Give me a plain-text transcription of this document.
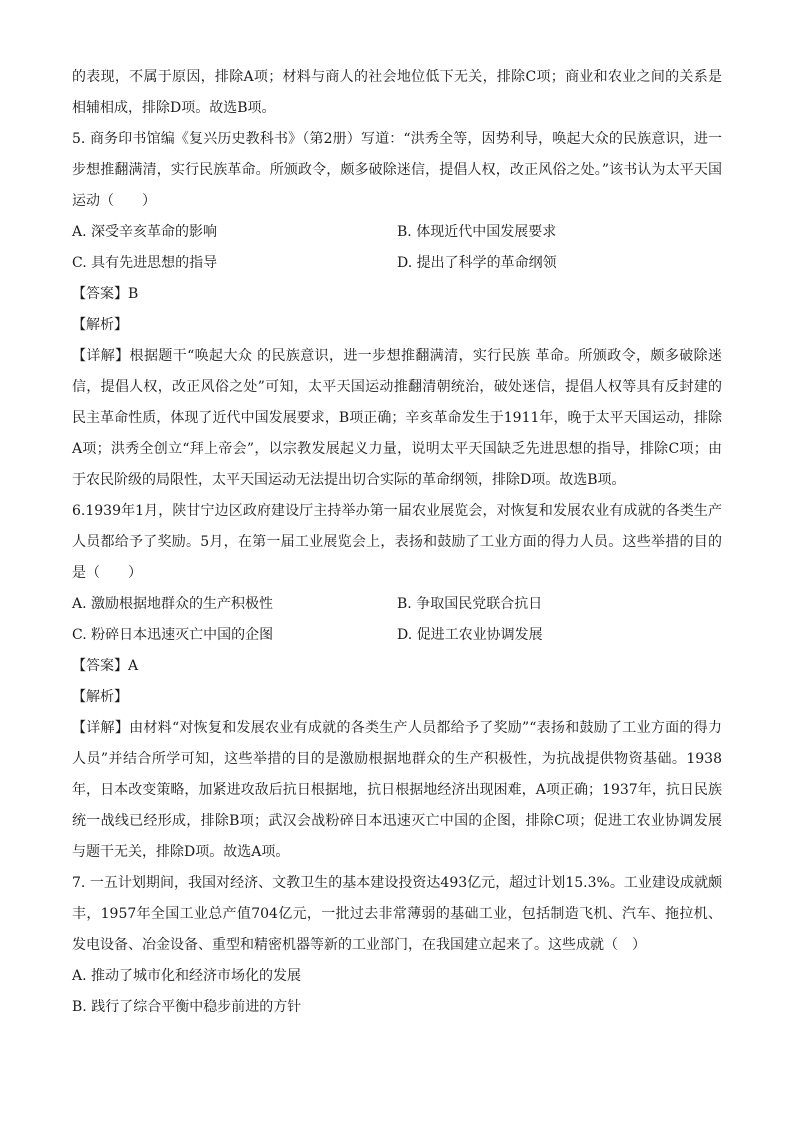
的表现，不属于原因，排除A项；材料与商人的社会地位低下无关，排除C项；商业和农业之间的关系是相辅相成，排除D项。故选B项。

5. 商务印书馆编《复兴历史教科书》（第2册）写道：“洪秀全等，因势利导，唤起大众的民族意识，进一步想推翻满清，实行民族革命。所颁政令，颇多破除迷信，提倡人权，改正风俗之处。”该书认为太平天国运动（　　）

A. 深受辛亥革命的影响	B. 体现近代中国发展要求
C. 具有先进思想的指导	D. 提出了科学的革命纲领

【答案】B

【解析】

【详解】根据题干“唤起大众 的民族意识，进一步想推翻满清，实行民族 革命。所颁政令，颇多破除迷信，提倡人权，改正风俗之处”可知，太平天国运动推翻清朝统治，破处迷信，提倡人权等具有反封建的民主革命性质，体现了近代中国发展要求，B项正确；辛亥革命发生于1911年，晚于太平天国运动，排除A项；洪秀全创立“拜上帝会”，以宗教发展起义力量，说明太平天国缺乏先进思想的指导，排除C项；由于农民阶级的局限性，太平天国运动无法提出切合实际的革命纲领，排除D项。故选B项。

6.1939年1月，陕甘宁边区政府建设厅主持举办第一届农业展览会，对恢复和发展农业有成就的各类生产人员都给予了奖励。5月，在第一届工业展览会上，表扬和鼓励了工业方面的得力人员。这些举措的目的是（　　）

A. 激励根据地群众的生产积极性	B. 争取国民党联合抗日
C. 粉碎日本迅速灭亡中国的企图	D. 促进工农业协调发展

【答案】A

【解析】

【详解】由材料“对恢复和发展农业有成就的各类生产人员都给予了奖励”“表扬和鼓励了工业方面的得力人员”并结合所学可知，这些举措的目的是激励根据地群众的生产积极性，为抗战提供物资基础。1938年，日本改变策略，加紧进攻敌后抗日根据地，抗日根据地经济出现困难，A项正确；1937年，抗日民族统一战线已经形成，排除B项；武汉会战粉碎日本迅速灭亡中国的企图，排除C项；促进工农业协调发展与题干无关，排除D项。故选A项。

7. 一五计划期间，我国对经济、文教卫生的基本建设投资达493亿元，超过计划15.3%。工业建设成就颇丰，1957年全国工业总产值704亿元，一批过去非常薄弱的基础工业，包括制造飞机、汽车、拖拉机、发电设备、冶金设备、重型和精密机器等新的工业部门，在我国建立起来了。这些成就（　）

A. 推动了城市化和经济市场化的发展

B. 践行了综合平衡中稳步前进的方针
